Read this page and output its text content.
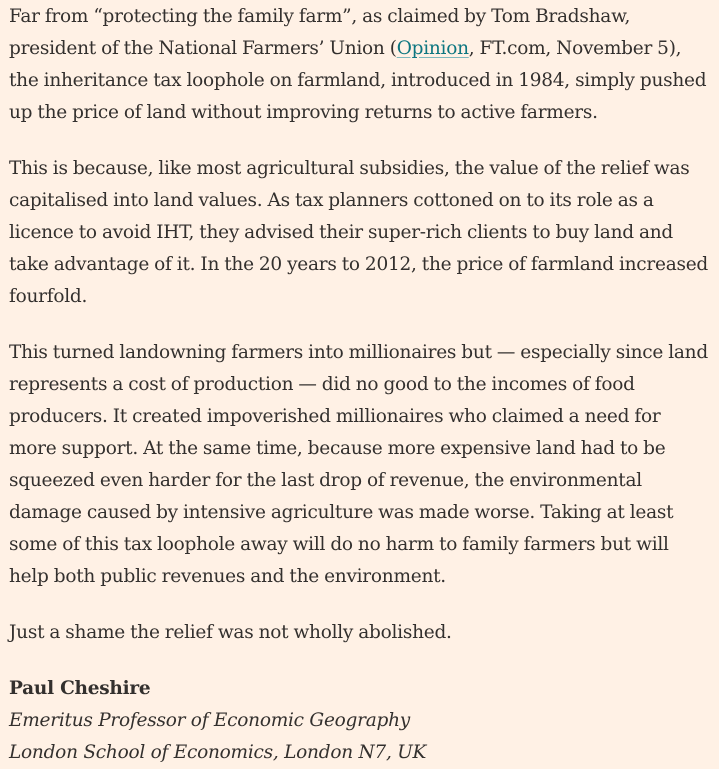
Far from “protecting the family farm”, as claimed by Tom Bradshaw, president of the National Farmers’ Union (Opinion, FT.com, November 5), the inheritance tax loophole on farmland, introduced in 1984, simply pushed up the price of land without improving returns to active farmers.

This is because, like most agricultural subsidies, the value of the relief was capitalised into land values. As tax planners cottoned on to its role as a licence to avoid IHT, they advised their super-rich clients to buy land and take advantage of it. In the 20 years to 2012, the price of farmland increased fourfold.

This turned landowning farmers into millionaires but — especially since land represents a cost of production — did no good to the incomes of food producers. It created impoverished millionaires who claimed a need for more support. At the same time, because more expensive land had to be squeezed even harder for the last drop of revenue, the environmental damage caused by intensive agriculture was made worse. Taking at least some of this tax loophole away will do no harm to family farmers but will help both public revenues and the environment.

Just a shame the relief was not wholly abolished.

Paul Cheshire
Emeritus Professor of Economic Geography
London School of Economics, London N7, UK
